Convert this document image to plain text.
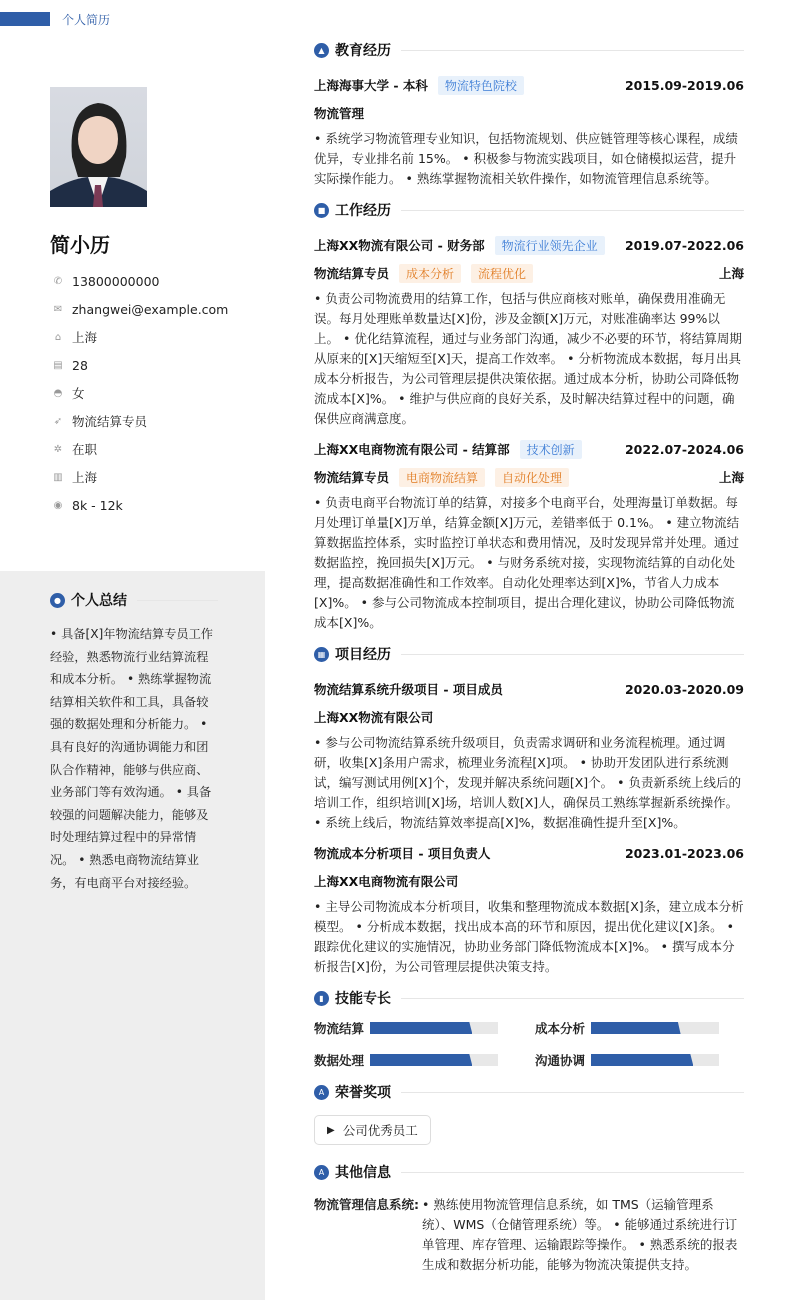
个人简历
简小历
✆ 13800000000
✉ zhangwei@example.com
⌂ 上海
▤ 28
◓ 女
➶ 物流结算专员
✲ 在职
▥ 上海
◉ 8k - 12k
● 个人总结
• 具备[X]年物流结算专员工作经验，熟悉物流行业结算流程和成本分析。 • 熟练掌握物流结算相关软件和工具，具备较强的数据处理和分析能力。 • 具有良好的沟通协调能力和团队合作精神，能够与供应商、业务部门等有效沟通。 • 具备较强的问题解决能力，能够及时处理结算过程中的异常情况。 • 熟悉电商物流结算业务，有电商平台对接经验。
▲ 教育经历
上海海事大学 - 本科	物流特色院校	2015.09-2019.06
物流管理
• 系统学习物流管理专业知识，包括物流规划、供应链管理等核心课程，成绩优异，专业排名前 15%。 • 积极参与物流实践项目，如仓储模拟运营，提升实际操作能力。 • 熟练掌握物流相关软件操作，如物流管理信息系统等。
■ 工作经历
上海XX物流有限公司 - 财务部	物流行业领先企业	2019.07-2022.06
物流结算专员	成本分析	流程优化	上海
• 负责公司物流费用的结算工作，包括与供应商核对账单，确保费用准确无误。每月处理账单数量达[X]份，涉及金额[X]万元，对账准确率达 99%以上。 • 优化结算流程，通过与业务部门沟通，减少不必要的环节，将结算周期从原来的[X]天缩短至[X]天，提高工作效率。 • 分析物流成本数据，每月出具成本分析报告，为公司管理层提供决策依据。通过成本分析，协助公司降低物流成本[X]%。 • 维护与供应商的良好关系，及时解决结算过程中的问题，确保供应商满意度。
上海XX电商物流有限公司 - 结算部	技术创新	2022.07-2024.06
物流结算专员	电商物流结算	自动化处理	上海
• 负责电商平台物流订单的结算，对接多个电商平台，处理海量订单数据。每月处理订单量[X]万单，结算金额[X]万元，差错率低于 0.1%。 • 建立物流结算数据监控体系，实时监控订单状态和费用情况，及时发现异常并处理。通过数据监控，挽回损失[X]万元。 • 与财务系统对接，实现物流结算的自动化处理，提高数据准确性和工作效率。自动化处理率达到[X]%，节省人力成本[X]%。 • 参与公司物流成本控制项目，提出合理化建议，协助公司降低物流成本[X]%。
▦ 项目经历
物流结算系统升级项目 - 项目成员	2020.03-2020.09
上海XX物流有限公司
• 参与公司物流结算系统升级项目，负责需求调研和业务流程梳理。通过调研，收集[X]条用户需求，梳理业务流程[X]项。 • 协助开发团队进行系统测试，编写测试用例[X]个，发现并解决系统问题[X]个。 • 负责新系统上线后的培训工作，组织培训[X]场，培训人数[X]人，确保员工熟练掌握新系统操作。 • 系统上线后，物流结算效率提高[X]%，数据准确性提升至[X]%。
物流成本分析项目 - 项目负责人	2023.01-2023.06
上海XX电商物流有限公司
• 主导公司物流成本分析项目，收集和整理物流成本数据[X]条，建立成本分析模型。 • 分析成本数据，找出成本高的环节和原因，提出优化建议[X]条。 • 跟踪优化建议的实施情况，协助业务部门降低物流成本[X]%。 • 撰写成本分析报告[X]份，为公司管理层提供决策支持。
▮ 技能专长
物流结算	成本分析
数据处理	沟通协调
A 荣誉奖项
▶ 公司优秀员工
A 其他信息
物流管理信息系统: • 熟练使用物流管理信息系统，如 TMS（运输管理系统）、WMS（仓储管理系统）等。 • 能够通过系统进行订单管理、库存管理、运输跟踪等操作。 • 熟悉系统的报表生成和数据分析功能，能够为物流决策提供支持。
